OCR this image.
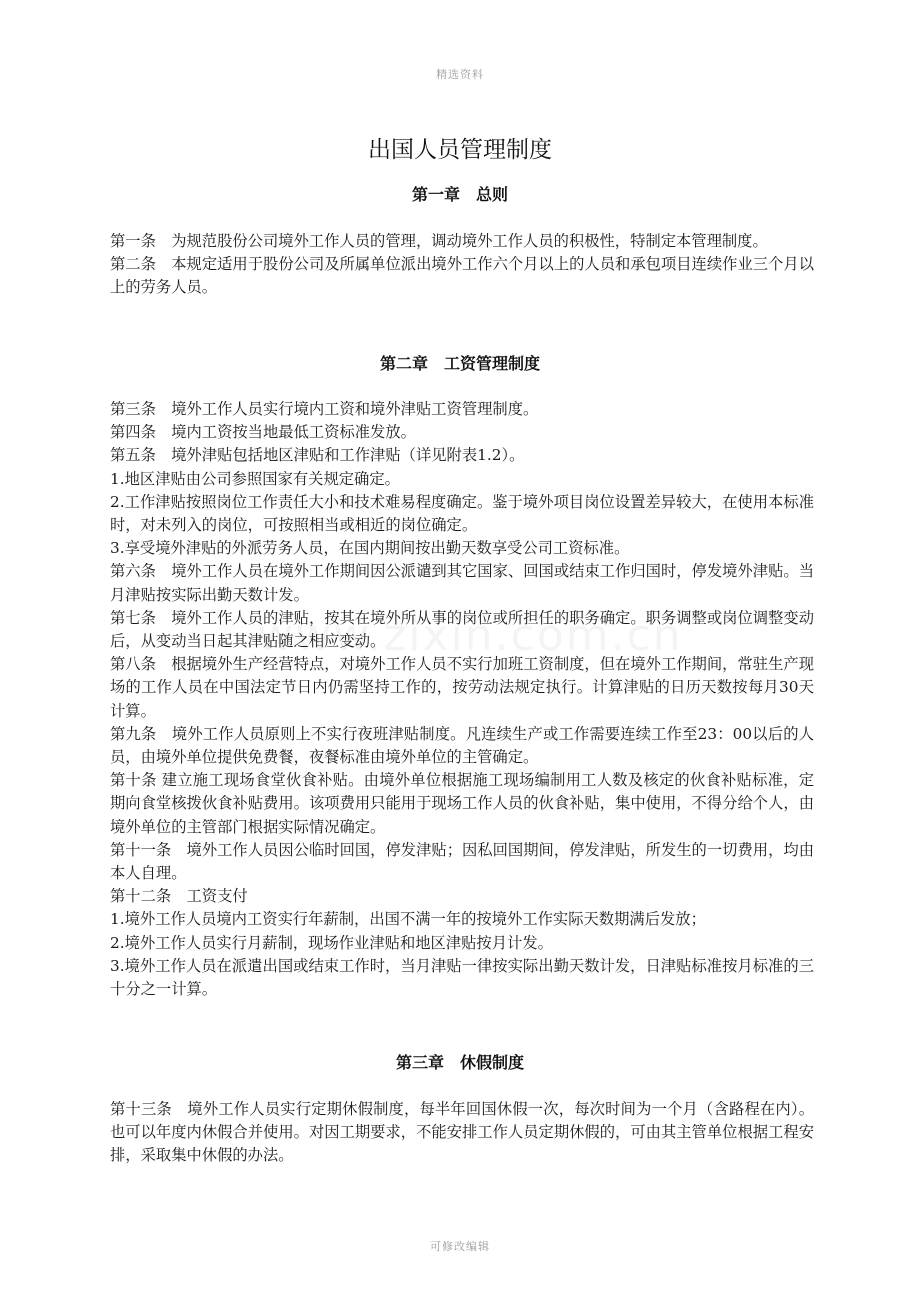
精选资料
出国人员管理制度
第一章　总则

第一条　为规范股份公司境外工作人员的管理，调动境外工作人员的积极性，特制定本管理制度。

第二条　本规定适用于股份公司及所属单位派出境外工作六个月以上的人员和承包项目连续作业三个月以上的劳务人员。

第二章　工资管理制度

第三条　境外工作人员实行境内工资和境外津贴工资管理制度。

第四条　境内工资按当地最低工资标准发放。

第五条　境外津贴包括地区津贴和工作津贴（详见附表1.2）。

1.地区津贴由公司参照国家有关规定确定。

2.工作津贴按照岗位工作责任大小和技术难易程度确定。鉴于境外项目岗位设置差异较大，在使用本标准时，对未列入的岗位，可按照相当或相近的岗位确定。

3.享受境外津贴的外派劳务人员，在国内期间按出勤天数享受公司工资标准。

第六条　境外工作人员在境外工作期间因公派谴到其它国家、回国或结束工作归国时，停发境外津贴。当月津贴按实际出勤天数计发。

第七条　境外工作人员的津贴，按其在境外所从事的岗位或所担任的职务确定。职务调整或岗位调整变动后，从变动当日起其津贴随之相应变动。

第八条　根据境外生产经营特点，对境外工作人员不实行加班工资制度，但在境外工作期间，常驻生产现场的工作人员在中国法定节日内仍需坚持工作的，按劳动法规定执行。计算津贴的日历天数按每月30天计算。

第九条　境外工作人员原则上不实行夜班津贴制度。凡连续生产或工作需要连续工作至23：00以后的人员，由境外单位提供免费餐，夜餐标准由境外单位的主管确定。

第十条 建立施工现场食堂伙食补贴。由境外单位根据施工现场编制用工人数及核定的伙食补贴标准，定期向食堂核拨伙食补贴费用。该项费用只能用于现场工作人员的伙食补贴，集中使用，不得分给个人，由境外单位的主管部门根据实际情况确定。

第十一条　境外工作人员因公临时回国，停发津贴；因私回国期间，停发津贴，所发生的一切费用，均由本人自理。

第十二条　工资支付

1.境外工作人员境内工资实行年薪制，出国不满一年的按境外工作实际天数期满后发放；

2.境外工作人员实行月薪制，现场作业津贴和地区津贴按月计发。

3.境外工作人员在派遣出国或结束工作时，当月津贴一律按实际出勤天数计发，日津贴标准按月标准的三十分之一计算。

第三章　休假制度

第十三条　境外工作人员实行定期休假制度，每半年回国休假一次，每次时间为一个月（含路程在内）。也可以年度内休假合并使用。对因工期要求，不能安排工作人员定期休假的，可由其主管单位根据工程安排，采取集中休假的办法。

可修改编辑
